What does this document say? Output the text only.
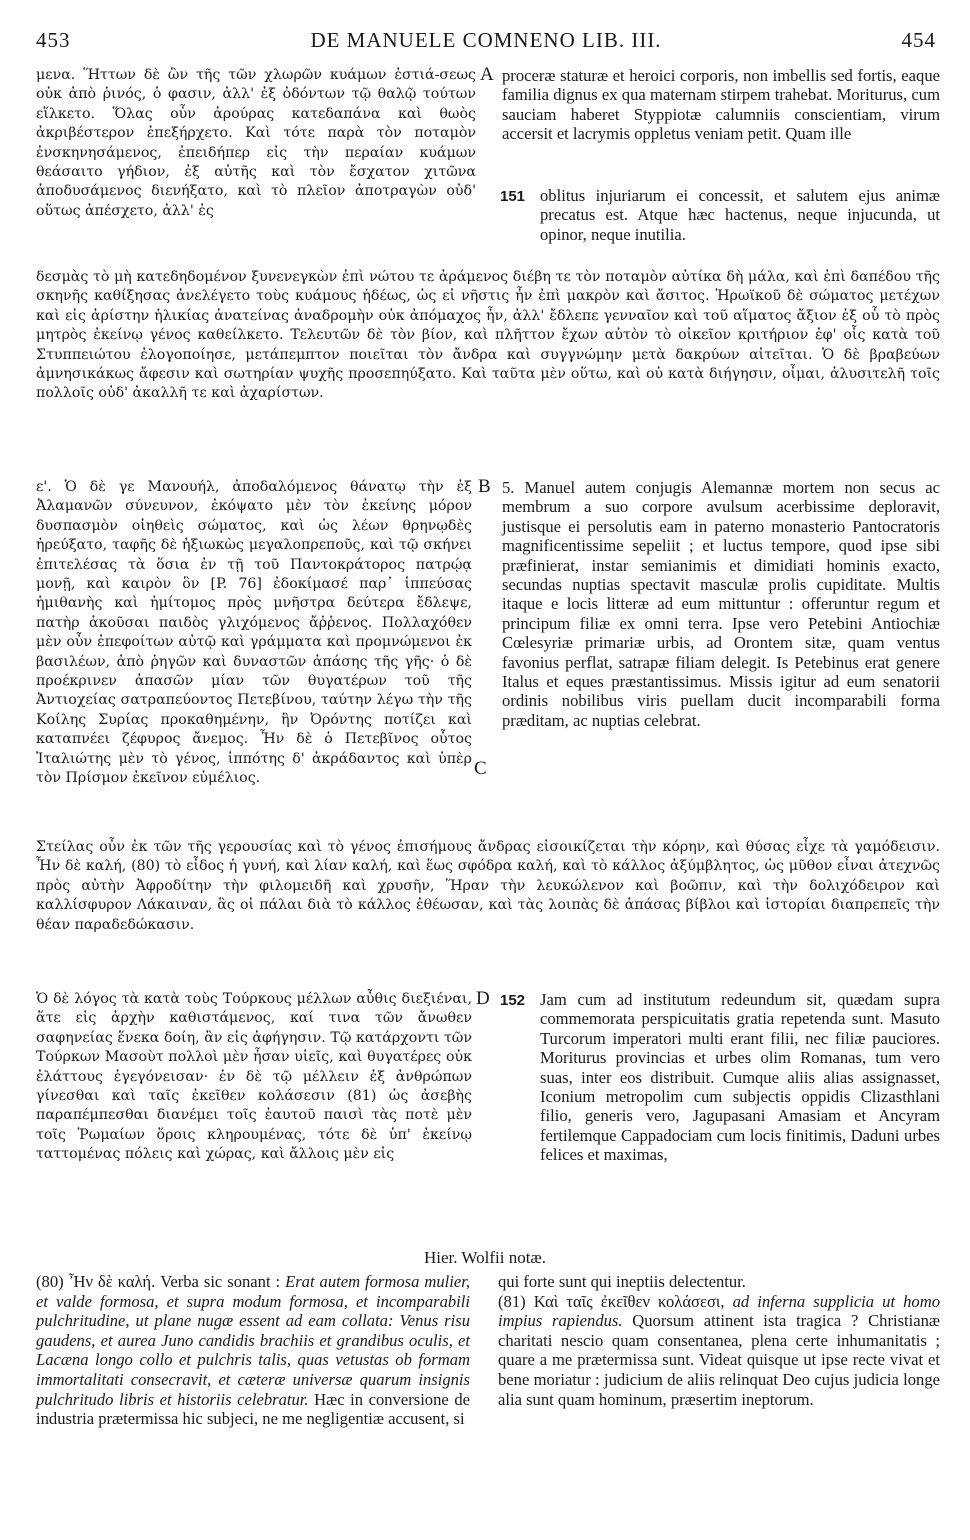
453	DE MANUELE COMNENO LIB. III.	454

μενα. Ἥττων δὲ ὢν τῆς τῶν χλωρῶν κυάμων ἐστιά-σεως οὐκ ἀπὸ ῥινός, ὁ φασιν, ἀλλ' ἐξ ὀδόντων τῷ θαλῷ τούτων εἵλκετο. Ὅλας οὖν ἀρούρας κατεδαπάνα καὶ θωὸς ἀκριβέστερον ἐπεξήρχετο. Καὶ τότε παρὰ τὸν ποταμὸν ἐνσκηνησάμενος, ἐπειδήπερ εἰς τὴν περαίαν κυάμων θεάσαιτο γήδιον, ἐξ αὐτῆς καὶ τὸν ἔσχατον χιτῶνα ἀποδυσάμενος διενήξατο, καὶ τὸ πλεῖον ἀποτραγὼν οὐδ' οὕτως ἀπέσχετο, ἀλλ' ἐς

A proceræ staturæ et heroici corporis, non imbellis sed fortis, eaque familia dignus ex qua maternam stirpem trahebat. Moriturus, cum sauciam haberet Styppiotæ calumniis conscientiam, virum accersit et lacrymis oppletus veniam petit. Quam ille

151 oblitus injuriarum ei concessit, et salutem ejus animæ precatus est. Atque hæc hactenus, neque injucunda, ut opinor, neque inutilia.

δεσμὰς τὸ μὴ κατεδηδομένον ξυνενεγκὼν ἐπὶ νώτου τε ἀράμενος διέβη τε τὸν ποταμὸν αὐτίκα δὴ μάλα, καὶ ἐπὶ δαπέδου τῆς σκηνῆς καθίξησας ἀνελέγετο τοὺς κυάμους ἡδέως, ὡς εἰ νῆστις ἦν ἐπὶ μακρὸν καὶ ἄσιτος. Ἡρωϊκοῦ δὲ σώματος μετέχων καὶ εἰς ἀρίστην ἡλικίας ἀνατείνας ἀναδρομὴν οὐκ ἀπόμαχος ἦν, ἀλλ' ἔδλεπε γενναῖον καὶ τοῦ αἵματος ἄξιον ἐξ οὗ τὸ πρὸς μητρὸς ἐκείνῳ γένος καθείλκετο. Τελευτῶν δὲ τὸν βίον, καὶ πλῆττον ἔχων αὐτὸν τὸ οἰκεῖον κριτήριον ἐφ' οἷς κατὰ τοῦ Στυππειώτου ἐλογοποίησε, μετάπεμπτον ποιεῖται τὸν ἄνδρα καὶ συγγνώμην μετὰ δακρύων αἰτεῖται. Ὁ δὲ βραβεύων ἀμνησικάκως ἄφεσιν καὶ σωτηρίαν ψυχῆς προσεπηύξατο. Καὶ ταῦτα μὲν οὕτω, καὶ οὐ κατὰ διήγησιν, οἶμαι, ἀλυσιτελῆ τοῖς πολλοῖς οὐδ' ἀκαλλῆ τε καὶ ἀχαρίστων.

ε'. Ὁ δὲ γε Μανουήλ, ἀποδαλόμενος θάνατῳ τὴν ἐξ Ἀλαμανῶν σύνευνον, ἐκόψατο μὲν τὸν ἐκείνης μόρον δυσπασμὸν οἰηθεὶς σώματος, καὶ ὡς λέων θρηνῳδὲς ἠρεύξατο, ταφῆς δὲ ἠξιωκὼς μεγαλοπρεποῦς, καὶ τῷ σκήνει ἐπιτελέσας τὰ ὅσια ἐν τῇ τοῦ Παντοκράτορος πατρῴᾳ μονῇ, καὶ καιρὸν ὃν [P. 76] ἐδοκίμασέ παρ᾽ ἱππεύσας ἡμιθανὴς καὶ ἡμίτομος πρὸς μνῆστρα δεύτερα ἔδλεψε, πατὴρ ἀκοῦσαι παιδὸς γλιχόμενος ἄῤῥενος. Πολλαχόθεν μὲν οὖν ἐπεφοίτων αὐτῷ καὶ γράμματα καὶ προμνώμενοι ἐκ βασιλέων, ἀπὸ ῥηγῶν καὶ δυναστῶν ἁπάσης τῆς γῆς· ὁ δὲ προέκρινεν ἁπασῶν μίαν τῶν θυγατέρων τοῦ τῆς Ἀντιοχείας σατραπεύοντος Πετεβίνου, ταύτην λέγω τὴν τῆς Κοίλης Συρίας προκαθημένην, ἣν Ὀρόντης ποτίζει καὶ καταπνέει ζέφυρος ἄνεμος. Ἦν δὲ ὁ Πετεβῖνος οὗτος Ἰταλιώτης μὲν τὸ γένος, ἱππότης δ' ἀκράδαντος καὶ ὑπὲρ τὸν Πρίσμον ἐκεῖνον εὐμέλιος.

B 5. Manuel autem conjugis Alemannæ mortem non secus ac membrum a suo corpore avulsum acerbissime deploravit, justisque ei persolutis eam in paterno monasterio Pantocratoris magnificentissime sepeliit ; et luctus tempore, quod ipse sibi præfinierat, instar semianimis et dimidiati hominis exacto, secundas nuptias spectavit masculæ prolis cupiditate. Multis itaque e locis litteræ ad eum mittuntur : offeruntur regum et principum filiæ ex omni terra. Ipse vero Petebini Antiochiæ Cœlesyriæ primariæ urbis, ad Orontem sitæ, quam ventus favonius perflat, satrapæ filiam delegit. Is Petebinus erat genere Italus et eques præstantissimus. Missis igitur ad eum senatorii ordinis nobilibus viris puellam ducit incomparabili forma præditam, ac nuptias celebrat.

C

Στείλας οὖν ἐκ τῶν τῆς γερουσίας καὶ τὸ γένος ἐπισήμους ἄνδρας εἰσοικίζεται τὴν κόρην, καὶ θύσας εἶχε τὰ γαμόδεισιν. Ἦν δὲ καλή, (80) τὸ εἶδος ἡ γυνή, καὶ λίαν καλή, καὶ ἕως σφόδρα καλή, καὶ τὸ κάλλος ἀξύμβλητος, ὡς μῦθον εἶναι ἀτεχνῶς πρὸς αὐτὴν Ἀφροδίτην τὴν φιλομειδῆ καὶ χρυσῆν, Ἥραν τὴν λευκώλενον καὶ βοῶπιν, καὶ τὴν δολιχόδειρον καὶ καλλίσφυρον Λάκαιναν, ἃς οἱ πάλαι διὰ τὸ κάλλος ἐθέωσαν, καὶ τὰς λοιπὰς δὲ ἁπάσας βίβλοι καὶ ἱστορίαι διαπρεπεῖς τὴν θέαν παραδεδώκασιν.

Ὁ δὲ λόγος τὰ κατὰ τοὺς Τούρκους μέλλων αὖθις διεξιέναι, ἅτε εἰς ἀρχὴν καθιστάμενος, καί τινα τῶν ἄνωθεν σαφηνείας ἕνεκα δοίη, ἂν εἰς ἀφήγησιν. Τῷ κατάρχοντι τῶν Τούρκων Μασοὺτ πολλοὶ μὲν ἦσαν υἱεῖς, καὶ θυγατέρες οὐκ ἐλάττους ἐγεγόνεισαν· ἐν δὲ τῷ μέλλειν ἐξ ἀνθρώπων γίνεσθαι καὶ ταῖς ἐκεῖθεν κολάσεσιν (81) ὡς ἀσεβὴς παραπέμπεσθαι διανέμει τοῖς ἑαυτοῦ παισὶ τὰς ποτὲ μὲν τοῖς Ῥωμαίων ὅροις κληρουμένας, τότε δὲ ὑπ' ἐκείνῳ ταττομένας πόλεις καὶ χώρας, καὶ ἄλλοις μὲν εἰς

D 152 Jam cum ad institutum redeundum sit, quædam supra commemorata perspicuitatis gratia repetenda sunt. Masuto Turcorum imperatori multi erant filii, nec filiæ pauciores. Moriturus provincias et urbes olim Romanas, tum vero suas, inter eos distribuit. Cumque aliis alias assignasset, Iconium metropolim cum subjectis oppidis Clizasthlani filio, generis vero, Jagupasani Amasiam et Ancyram fertilemque Cappadociam cum locis finitimis, Daduni urbes felices et maximas,

Hier. Wolfii notæ.

(80) Ἦν δὲ καλή. Verba sic sonant : Erat autem formosa mulier, et valde formosa, et supra modum formosa, et incomparabili pulchritudine, ut plane nugæ essent ad eam collata: Venus risu gaudens, et aurea Juno candidis brachiis et grandibus oculis, et Lacæna longo collo et pulchris talis, quas vetustas ob formam immortalitati consecravit, et cæteræ universæ quarum insignis pulchritudo libris et historiis celebratur. Hæc in conversione de industria prætermissa hic subjeci, ne me negligentiæ accusent, si

qui forte sunt qui ineptiis delectentur.
(81) Καὶ ταῖς ἐκεῖθεν κολάσεσι, ad inferna supplicia ut homo impius rapiendus. Quorsum attinent ista tragica ? Christianæ charitati nescio quam consentanea, plena certe inhumanitatis ; quare a me prætermissa sunt. Videat quisque ut ipse recte vivat et bene moriatur : judicium de aliis relinquat Deo cujus judicia longe alia sunt quam hominum, præsertim ineptorum.
